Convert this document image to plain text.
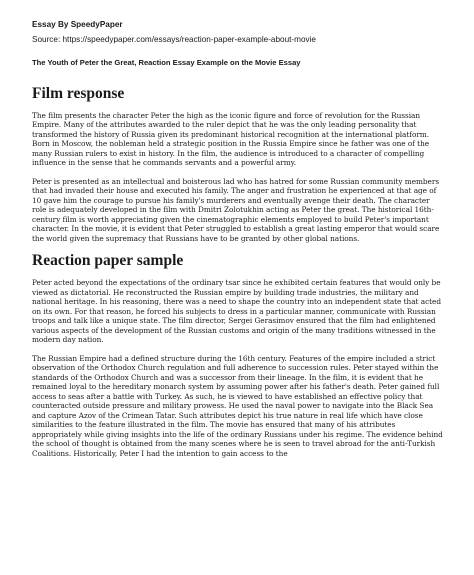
Essay By SpeedyPaper
Source: https://speedypaper.com/essays/reaction-paper-example-about-movie
The Youth of Peter the Great, Reaction Essay Example on the Movie Essay
Film response

The film presents the character Peter the high as the iconic figure and force of revolution for the Russian Empire. Many of the attributes awarded to the ruler depict that he was the only leading personality that transformed the history of Russia given its predominant historical recognition at the international platform. Born in Moscow, the nobleman held a strategic position in the Russia Empire since he father was one of the many Russian rulers to exist in history. In the film, the audience is introduced to a character of compelling influence in the sense that he commands servants and a powerful army.

Peter is presented as an intellectual and boisterous lad who has hatred for some Russian community members that had invaded their house and executed his family. The anger and frustration he experienced at that age of 10 gave him the courage to pursue his family's murderers and eventually avenge their death. The character role is adequately developed in the film with Dmitri Zolotukhin acting as Peter the great. The historical 16th-century film is worth appreciating given the cinematographic elements employed to build Peter's important character. In the movie, it is evident that Peter struggled to establish a great lasting emperor that would scare the world given the supremacy that Russians have to be granted by other global nations.

Reaction paper sample

Peter acted beyond the expectations of the ordinary tsar since he exhibited certain features that would only be viewed as dictatorial. He reconstructed the Russian empire by building trade industries, the military and national heritage. In his reasoning, there was a need to shape the country into an independent state that acted on its own. For that reason, he forced his subjects to dress in a particular manner, communicate with Russian troops and talk like a unique state. The film director, Sergei Gerasimov ensured that the film had enlightened various aspects of the development of the Russian customs and origin of the many traditions witnessed in the modern day nation.

The Russian Empire had a defined structure during the 16th century. Features of the empire included a strict observation of the Orthodox Church regulation and full adherence to succession rules. Peter stayed within the standards of the Orthodox Church and was a successor from their lineage. In the film, it is evident that he remained loyal to the hereditary monarch system by assuming power after his father's death. Peter gained full access to seas after a battle with Turkey. As such, he is viewed to have established an effective policy that counteracted outside pressure and military prowess. He used the naval power to navigate into the Black Sea and capture Azov of the Crimean Tatar. Such attributes depict his true nature in real life which have close similarities to the feature illustrated in the film. The movie has ensured that many of his attributes appropriately while giving insights into the life of the ordinary Russians under his regime. The evidence behind the school of thought is obtained from the many scenes where he is seen to travel abroad for the anti-Turkish Coalitions. Historically, Peter I had the intention to gain access to the
